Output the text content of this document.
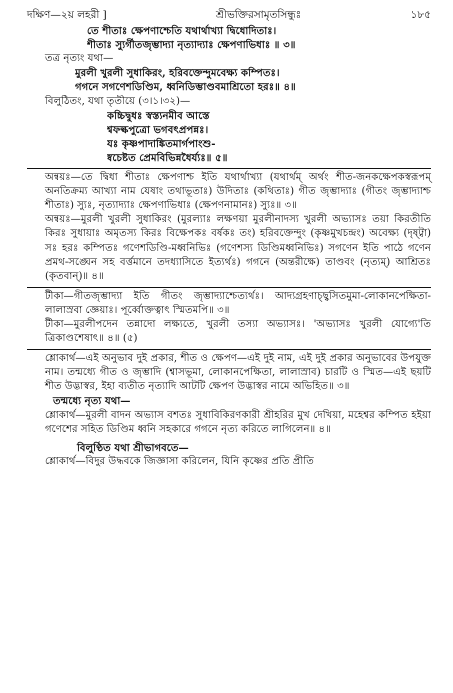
দক্ষিণ—২য় লহরী ]	শ্রীভক্তিরসামৃতসিন্ধুঃ	১৮৫
তে শীতাঃ ক্ষেপণাশ্চেতি যথার্থাখ্যা দ্বিধোদিতাঃ।
শীতাঃ স্যুর্গীতজৃম্ভাদ্যা নৃত্যাদ্যাঃ ক্ষেপণাভিধাঃ ॥ ৩॥
তত্র নৃত্যং যথা—
মুরলী খুরলী সুধাকিরং, হরিবক্তেন্দুমবেক্ষ্য কম্পিতঃ।
গগনে সগণেশডিণ্ডিম, ধ্বনিডিম্ভাণ্ডবমাশ্রিতো হরঃ॥ ৪॥
বিলুঠিতং, যথা তৃতীয়ে (৩।১।৩২)—
কচ্চিদ্বুধঃ স্বস্ত্যনমীব আস্তে
শ্বফল্কপুত্রো ভগবৎপ্রপন্নঃ।
যঃ কৃষ্ণপাদাঙ্কিতমার্গপাংশু-
ষ্বচেষ্টত প্রেমবিভিন্নধৈর্য্যঃ॥ ৫॥
অন্বয়ঃ—তে দ্বিধা শীতাঃ ক্ষেপণাশ্চ ইতি যথার্থাখ্যা (যথার্থম্ অর্থং শীত-জনকক্ষেপকস্বরূপম্ অনতিক্রম্য আখ্যা নাম যেষাং তথাভূতাঃ) উদিতাঃ (কথিতাঃ) গীত জৃম্ভাদ্যাঃ (গীতং জৃম্ভাদ্যাশ্চ শীতাঃ) স্যুঃ, নৃত্যাদ্যাঃ ক্ষেপণাভিধাঃ (ক্ষেপণনামানঃ) স্যুঃ॥ ৩॥
অন্বয়ঃ—মুরলী খুরলী সুধাকিরং (মুরল্যাঃ লক্ষণয়া মুরলীনাদস্য খুরলী অভ্যাসঃ তয়া কিরতীতি কিরঃ সুধায়াঃ অমৃতস্য কিরঃ বিক্ষেপকঃ বর্ষকঃ তং) হরিবক্তেন্দুং (কৃষ্ণমুখচন্দ্রং) অবেক্ষ্য (দৃষ্ট্বা) সঃ হরঃ কম্পিতঃ গণেশডিণ্ডি-মধ্বনিভিঃ (গণেশস্য ডিণ্ডিমধ্বনিভিঃ) সগণেন ইতি পাঠে গণেন প্রমথ-সঙ্ঘেন সহ বর্ত্তমানে তদধ্যাসিতে ইত্যর্থঃ) গগনে (অন্তরীক্ষে) তাণ্ডবং (নৃত্যম্) আশ্রিতঃ (কৃতবান্)॥ ৪॥
টীকা—গীতজৃম্ভাদ্যা ইতি গীতং জৃম্ভাদ্যাশ্চেত্যর্থঃ। আদ্যগ্রহণাচ্ছ্বসিতমুমা-লোকানপেক্ষিতা-লালাস্রবা জ্ঞেয়াঃ। পূর্ব্বোক্তত্বাৎ স্মিতমপি॥ ৩॥
টীকা—মুরলীপদেন তন্নাদো লক্ষ্যতে, খুরলী তস্যা অভ্যাসঃ। 'অভ্যাসঃ খুরলী যোগ্যে'তি ত্রিকাণ্ডশেষাৎ॥ ৪॥ (৫)
শ্লোকার্থ—এই অনুভাব দুই প্রকার, শীত ও ক্ষেপণ—এই দুই নাম, এই দুই প্রকার অনুভাবের উপযুক্ত নাম। তন্মধ্যে গীত ও জৃম্ভাদি (শ্বাসভূমা, লোকানপেক্ষিতা, লালাস্রাব) চারটি ও স্মিত—এই ছয়টি শীত উদ্ভাস্বর, ইহা ব্যতীত নৃত্যাদি আটটি ক্ষেপণ উদ্ভাস্বর নামে অভিহিত॥ ৩॥
তন্মধ্যে নৃত্য যথা—
শ্লোকার্থ—মুরলী বাদন অভ্যাস বশতঃ সুধাবিকিরণকারী শ্রীহরির মুখ দেখিয়া, মহেশ্বর কম্পিত হইয়া গণেশের সহিত ডিণ্ডিম ধ্বনি সহকারে গগনে নৃত্য করিতে লাগিলেন॥ ৪॥
বিলুণ্ঠিত যথা শ্রীভাগবতে—
শ্লোকার্থ—বিদুর উদ্ধবকে জিজ্ঞাসা করিলেন, যিনি কৃষ্ণের প্রতি প্রীতি
